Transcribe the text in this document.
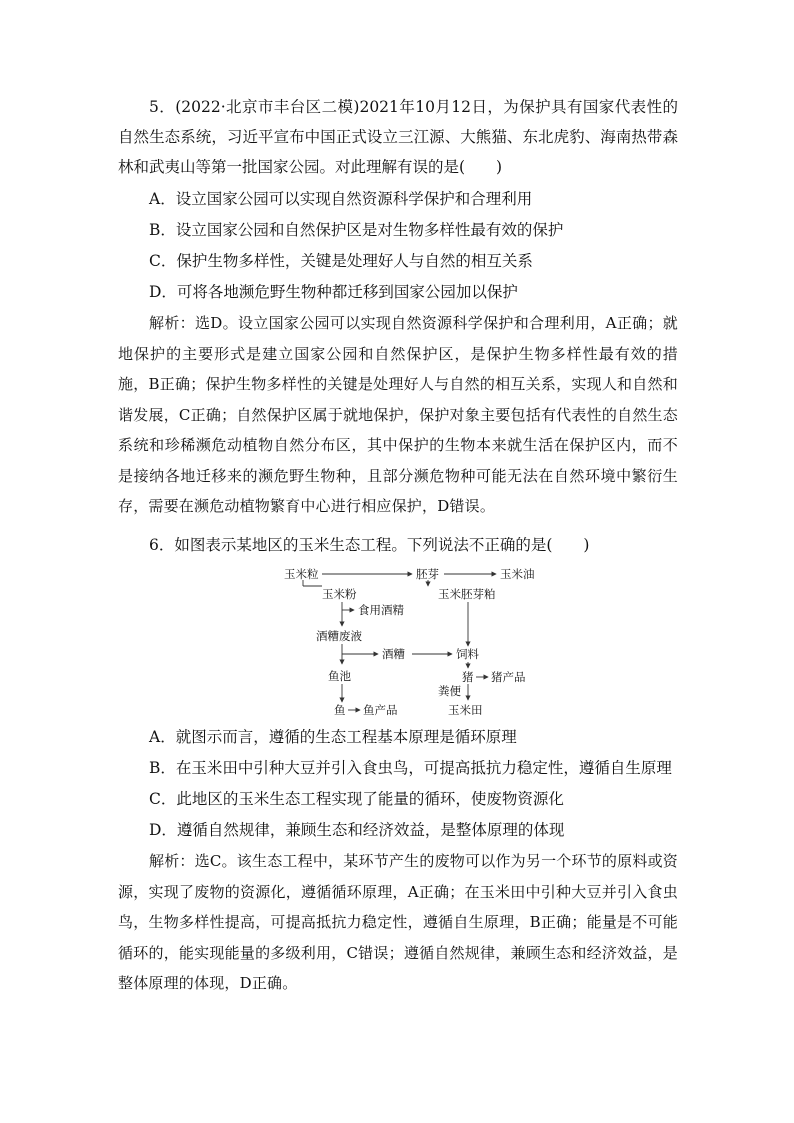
5．(2022·北京市丰台区二模)2021年10月12日，为保护具有国家代表性的自然生态系统，习近平宣布中国正式设立三江源、大熊猫、东北虎豹、海南热带森林和武夷山等第一批国家公园。对此理解有误的是(　　)

A．设立国家公园可以实现自然资源科学保护和合理利用

B．设立国家公园和自然保护区是对生物多样性最有效的保护

C．保护生物多样性，关键是处理好人与自然的相互关系

D．可将各地濒危野生物种都迁移到国家公园加以保护

解析：选D。设立国家公园可以实现自然资源科学保护和合理利用，A正确；就地保护的主要形式是建立国家公园和自然保护区，是保护生物多样性最有效的措施，B正确；保护生物多样性的关键是处理好人与自然的相互关系，实现人和自然和谐发展，C正确；自然保护区属于就地保护，保护对象主要包括有代表性的自然生态系统和珍稀濒危动植物自然分布区，其中保护的生物本来就生活在保护区内，而不是接纳各地迁移来的濒危野生物种，且部分濒危物种可能无法在自然环境中繁衍生存，需要在濒危动植物繁育中心进行相应保护，D错误。

6．如图表示某地区的玉米生态工程。下列说法不正确的是(　　)

玉米粒	胚芽	玉米油
玉米粉	玉米胚芽粕
食用酒精
酒糟废液
酒糟	饲料
鱼池	猪 猪产品
粪便
鱼 鱼产品	玉米田

A．就图示而言，遵循的生态工程基本原理是循环原理

B．在玉米田中引种大豆并引入食虫鸟，可提高抵抗力稳定性，遵循自生原理

C．此地区的玉米生态工程实现了能量的循环，使废物资源化

D．遵循自然规律，兼顾生态和经济效益，是整体原理的体现

解析：选C。该生态工程中，某环节产生的废物可以作为另一个环节的原料或资源，实现了废物的资源化，遵循循环原理，A正确；在玉米田中引种大豆并引入食虫鸟，生物多样性提高，可提高抵抗力稳定性，遵循自生原理，B正确；能量是不可能循环的，能实现能量的多级利用，C错误；遵循自然规律，兼顾生态和经济效益，是整体原理的体现，D正确。
